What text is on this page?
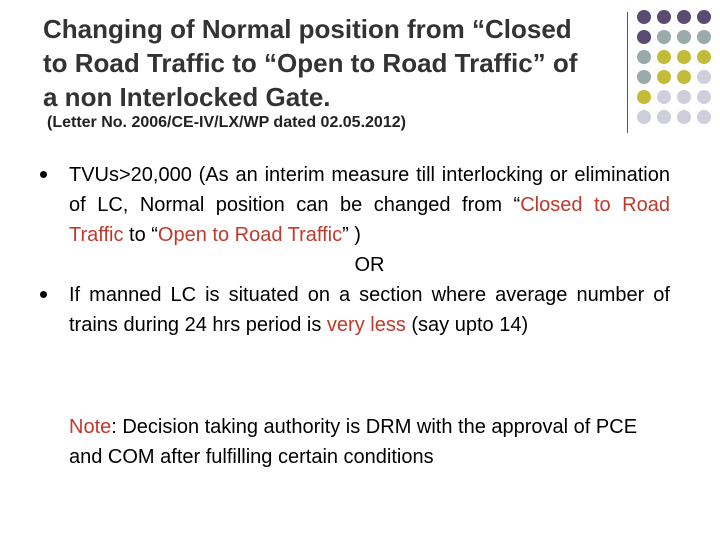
Changing of Normal position from “Closed
to Road Traffic to “Open to Road Traffic” of
a non Interlocked Gate.
(Letter No. 2006/CE-IV/LX/WP dated 02.05.2012)
TVUs>20,000 (As an interim measure till interlocking or elimination of LC, Normal position can be changed from “Closed to Road Traffic to “Open to Road Traffic” )
OR
If manned LC is situated on a section where average number of trains during 24 hrs period is very less (say upto 14)
Note: Decision taking authority is DRM with the approval of PCE and COM after fulfilling certain conditions
